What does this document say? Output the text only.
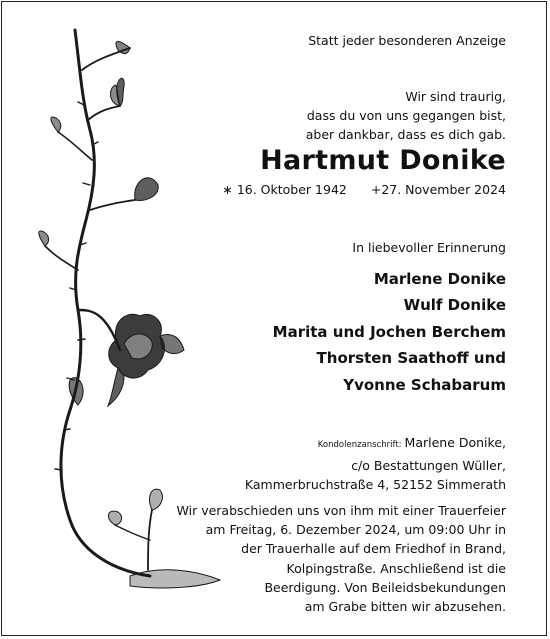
Statt jeder besonderen Anzeige
Wir sind traurig,
dass du von uns gegangen bist,
aber dankbar, dass es dich gab.
Hartmut Donike
∗ 16. Oktober 1942 +27. November 2024
In liebevoller Erinnerung
Marlene Donike
Wulf Donike
Marita und Jochen Berchem
Thorsten Saathoff und
Yvonne Schabarum
Kondolenzanschrift: Marlene Donike,
c/o Bestattungen Wüller,
Kammerbruchstraße 4, 52152 Simmerath
Wir verabschieden uns von ihm mit einer Trauerfeier
am Freitag, 6. Dezember 2024, um 09:00 Uhr in
der Trauerhalle auf dem Friedhof in Brand,
Kolpingstraße. Anschließend ist die
Beerdigung. Von Beileidsbekundungen
am Grabe bitten wir abzusehen.
